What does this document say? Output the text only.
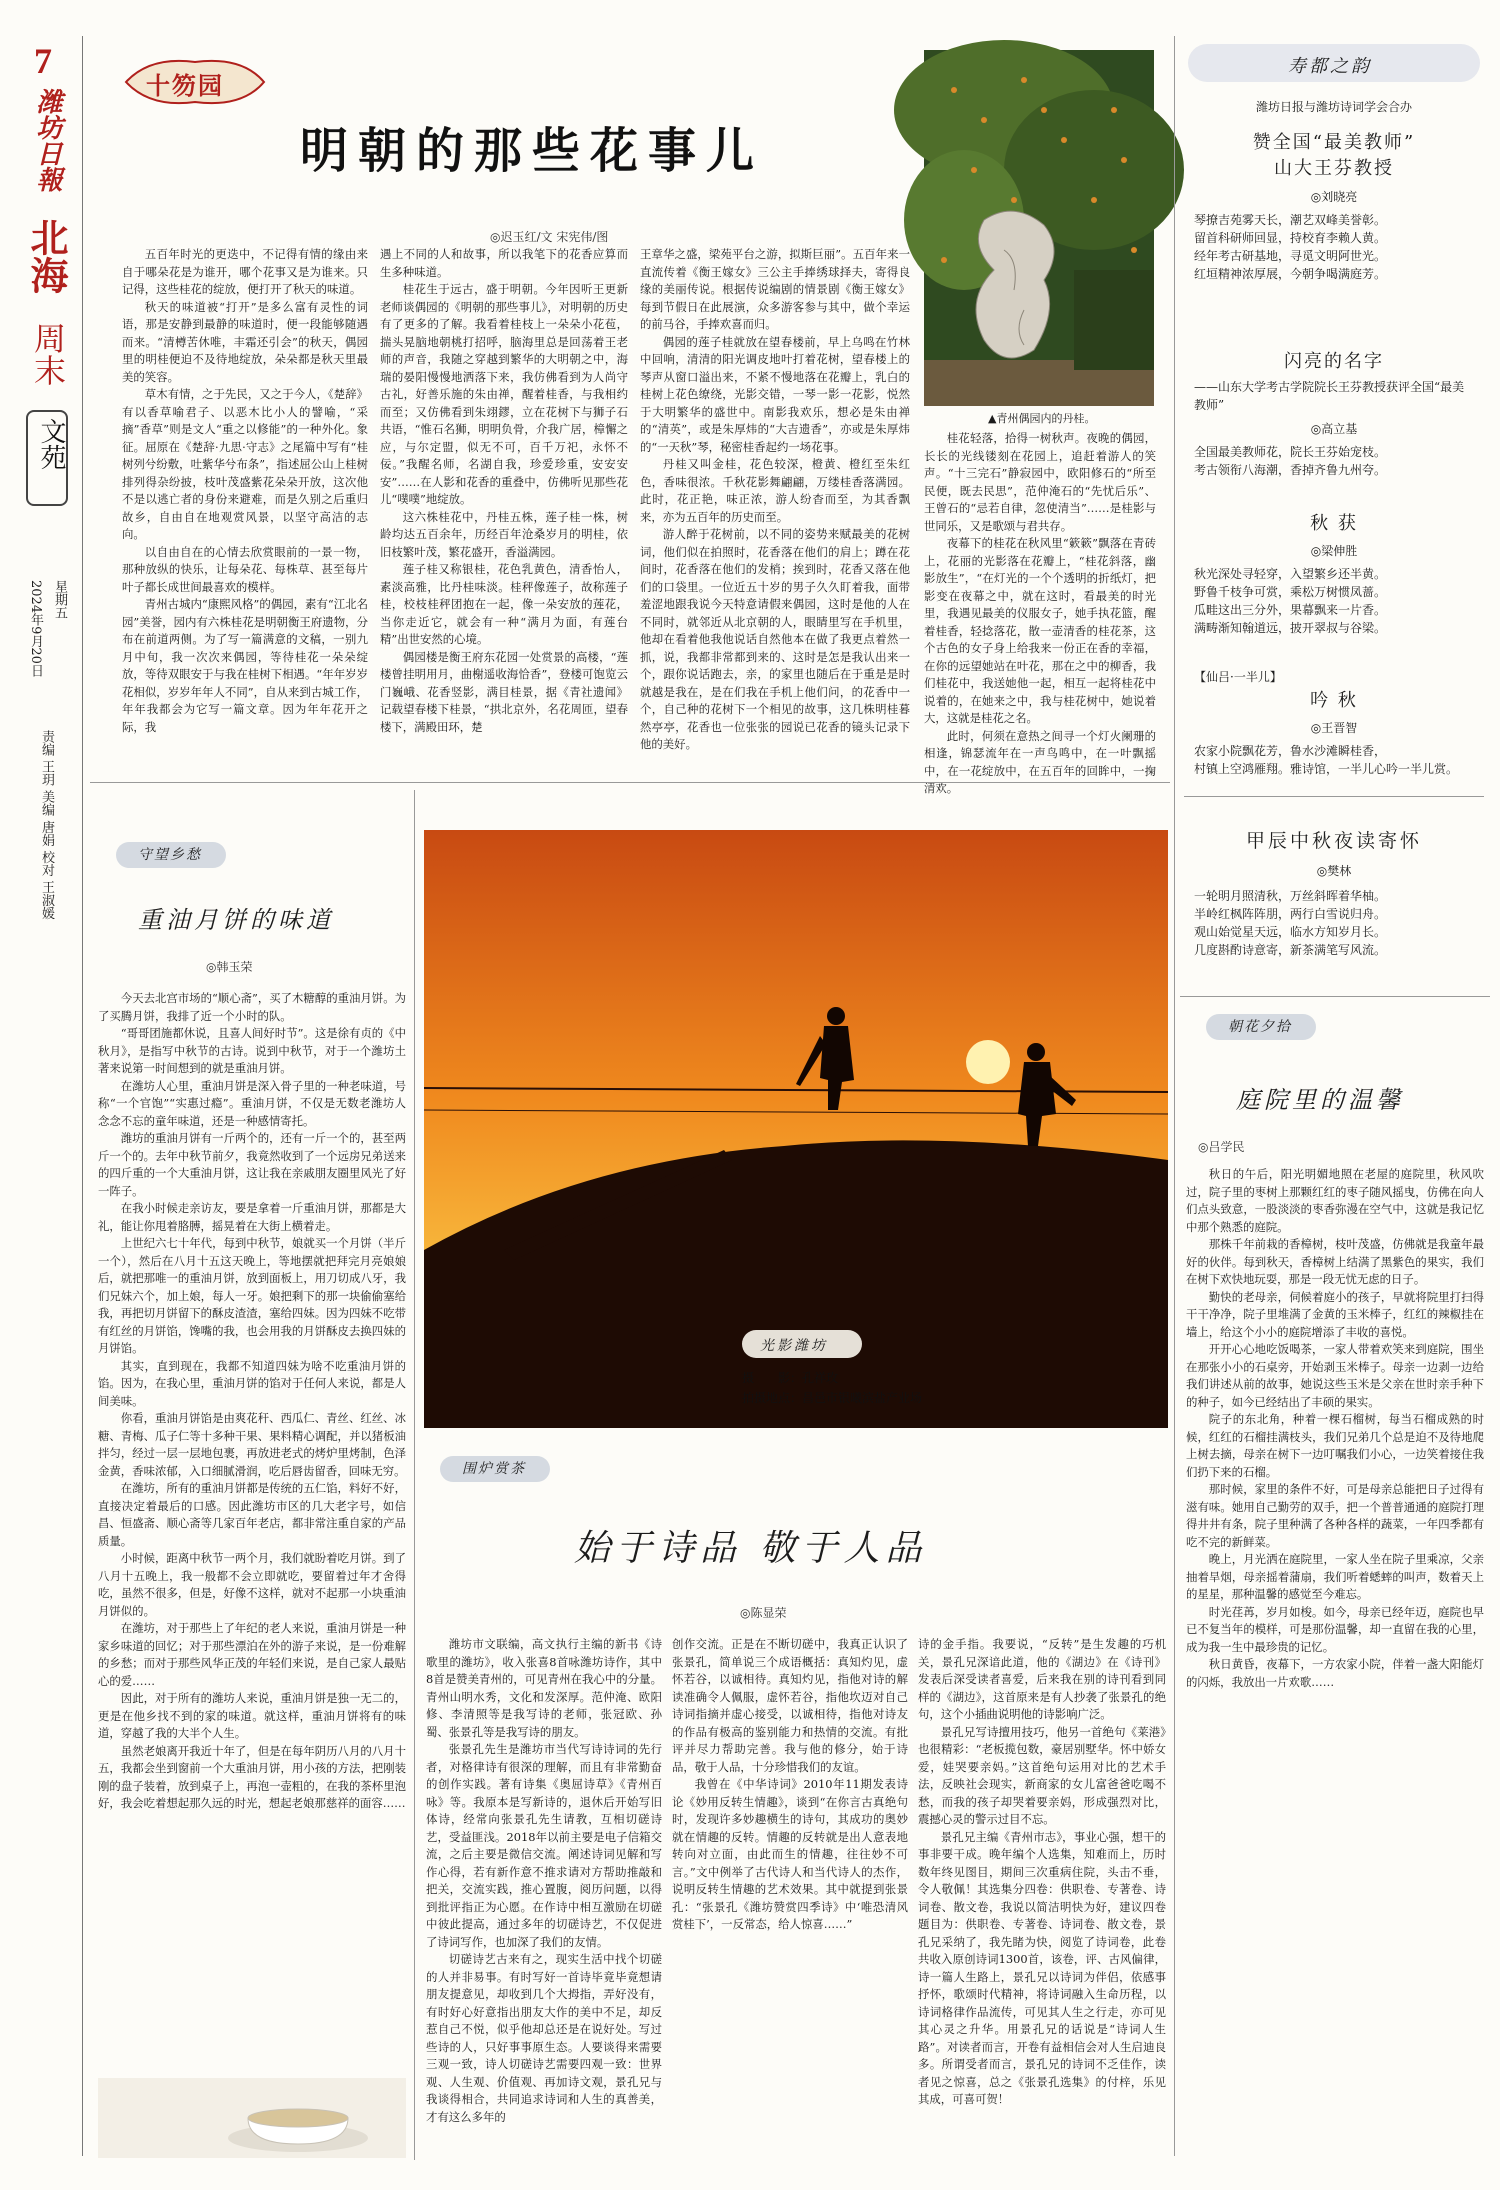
7
潍坊日報
北海
周末
文苑
2024年9月20日 星期五
责编 王玥 美编 唐娟 校对 王淑媛
十笏园
明朝的那些花事儿
◎迟玉红/文 宋宪伟/图
▲青州偶园内的丹桂。

五百年时光的更迭中，不记得有情的缘由来自于哪朵花是为谁开，哪个花事又是为谁来。只记得，这些桂花的绽放，便打开了秋天的味道。

秋天的味道被“打开”是多么富有灵性的词语，那是安静到最静的味道时，便一段能够随遇而来。“清樽苦休唯，丰霜还引会”的秋天，偶园里的明桂便迫不及待地绽放，朵朵都是秋天里最美的笑容。

草木有情，之于先民，又之于今人，《楚辞》有以香草喻君子、以恶木比小人的譬喻，“采摘”香草”则是文人“重之以修能”的一种外化。象征。屈原在《楚辞·九思·守志》之尾篇中写有“桂树列兮纷敷，吐紫华兮布条”，指述屈公山上桂树排列得杂纷披，枝叶茂盛紫花朵朵开放，这次他不是以逃亡者的身份来避难，而是久别之后重归故乡，自由自在地观赏风景，以坚守高洁的志向。

以自由自在的心情去欣赏眼前的一景一物，那种放纵的快乐，让每朵花、每株草、甚至每片叶子都长成世间最喜欢的模样。

青州古城内“康熙风格”的偶园，素有“江北名园”美誉，园内有六株桂花是明朝衡王府遗物，分布在前道两侧。为了写一篇满意的文稿，一别九月中旬，我一次次来偶园，等待桂花一朵朵绽放，等待双眼安于与我在桂树下相遇。“年年岁岁花相似，岁岁年年人不同”，自从来到古城工作，年年我都会为它写一篇文章。因为年年花开之际，我

遇上不同的人和故事，所以我笔下的花香应算而生多种味道。

桂花生于远古，盛于明朝。今年因听王更新老师谈偶园的《明朝的那些事儿》，对明朝的历史有了更多的了解。我看着桂枝上一朵朵小花苞，揣头晃脑地朝桃打招呼，脑海里总是回荡着王老师的声音，我随之穿越到繁华的大明朝之中，海瑞的晏阳慢慢地洒落下来，我仿佛看到为人尚守古礼，好善乐施的朱由禅，醒着桂香，与我相约而至；又仿佛看到朱翊鏐，立在花树下与狮子石共语，“惟石名狮，明明负骨，介我广居，樟懈之应，与尔定盟，似无不可，百千万祀，永怀不佞。”我醒名师，名湖自我，珍爱珍重，安安安安”……在人影和花香的重叠中，仿佛听见那些花儿“噗噗”地绽放。

这六株桂花中，丹桂五株，莲子桂一株，树龄均达五百余年，历经百年沧桑岁月的明桂，依旧枝繁叶茂，繁花盛开，香溢满园。

莲子桂又称银桂，花色乳黄色，清香怡人，素淡高雅，比丹桂味淡。桂秤像莲子，故称莲子桂，校枝桂秤团抱在一起，像一朵安放的莲花，当你走近它，就会有一种“满月为面，有莲台精”出世安然的心境。

偶园楼是衡王府东花园一处赏景的高楼，“莲楼曾挂明用月，曲榭遥收海恰香”，登楼可饱览云门巍峨、花香竖影，满目桂景，据《青社遗闻》记载望春楼下桂景，“拱北京外，名花周匝，望春楼下，满殿田环，楚

王章华之盛，梁苑平台之游，拟斯巨丽”。五百年来一直流传着《衡王嫁女》三公主手捧绣球择夫，寄得良缘的美丽传说。根据传说编剧的情景剧《衡王嫁女》每到节假日在此展演，众多游客参与其中，做个幸运的前马谷，手捧欢喜而归。

偶园的莲子桂就放在望春楼前，早上乌鸣在竹林中回响，清清的阳光调皮地叶打着花树，望春楼上的琴声从窗口溢出来，不紧不慢地落在花瓣上，乳白的桂树上花色缭绕，光影交错，一琴一影一花影，悦然于大明繁华的盛世中。南影我欢乐，想必是朱由禅的“清英”，或是朱厚炜的“大吉遗香”，亦或是朱厚炜的“一天秋”琴，秘密桂香起约一场花事。

丹桂又叫金桂，花色较深，橙黄、橙红至朱红色，香味很浓。千秋花影舞翩翩，万缕桂香落满园。此时，花正艳，味正浓，游人纷杳而至，为其香飘来，亦为五百年的历史而至。

游人醉于花树前，以不同的姿势来赋最美的花树词，他们似在拍照时，花香落在他们的肩上；蹲在花间时，花香落在他们的发梢；挨到时，花香又落在他们的口袋里。一位近五十岁的男子久久盯着我，面带羞涩地跟我说今天特意请假来偶园，这时是他的人在不同时，就邻近从北京朝的人，眼睛里写在手机里，他却在看着他我他说话自然他本在做了我更点着然一抓，说，我都非常都到来的、这时是怎是我认出来一个，跟你说话跑去，亲，的家里也随后在于重是是时就越是我在，是在们我在手机上他们问，的花香中一个，自己种的花树下一个相见的故事，这几株明桂暮然亭亭，花香也一位张张的园说已花香的镜头记录下他的美好。

桂花轻落，拾得一树秋声。夜晚的偶园，长长的光线镂刻在花园上，追赶着游人的笑声。“十三完石”静寂园中，欧阳修石的“所至民便，既去民思”，范仲淹石的“先忧后乐”、王曾石的“忌若自律，忽使清当”……是桂影与世同乐，又是歌颂与君共存。

夜幕下的桂花在秋风里“簌簌”飘落在青砖上，花丽的光影落在花瓣上，“桂花斜落，幽影放生”，“在灯光的一个个透明的折纸灯，把影变在夜幕之中，就在这时，看最美的时光里，我遇见最美的仪服女子，她手执花篮，醒着桂香，轻捻落花，散一壶清香的桂花茶，这个古色的女子身上给我来一份正在香的幸福，在你的远望她站在叶花，那在之中的柳香，我们桂花中，我送她他一起，相互一起将桂花中说着的，在她来之中，我与桂花树中，她说着大，这就是桂花之名。

此时，何须在意热之间寻一个灯火阑珊的相逢，锦瑟流年在一声鸟鸣中，在一叶飘摇中，在一花绽放中，在五百年的回眸中，一掬清欢。

寿都之韵
潍坊日报与潍坊诗词学会合办
赞全国“最美教师”
山大王芬教授
◎刘晓亮
琴撩吉苑雾天长，潮艺双峰美誉彰。
留首科研师回显，持校育李赖人黄。
经年考古研基地，寻觅文明阿世光。
红垣精神浓厚展，今朝争喝满庭芳。
闪亮的名字
——山东大学考古学院院长王芬教授获评全国“最美教师”
◎高立基
全国最美教师花，院长王芬始宠枝。
考古领衔八海潮，香掉齐鲁九州夸。
秋 获
◎梁伸胜
秋光深处寻轻穿，入望繁乡还半黄。
野鲁千枝争可赏，乘松万树惯凤蔷。
瓜畦这出三分外，果幕飘来一片香。
满畴渐知翰道远，披开翠叔与谷梁。
【仙吕·一半儿】
吟 秋
◎王晋智
农家小院飘花芳，鲁水沙滩瞬桂香，
村镇上空鸿雁翔。雅诗馆，一半儿心吟一半儿赏。
甲辰中秋夜读寄怀
◎樊林
一轮明月照清秋，万丝斜晖着华柚。
半岭红枫阵阵朋，两行白雪说归舟。
观山始觉星天远，临水方知岁月长。
几度斟酌诗意寄，新茶满笔写风流。
守望乡愁
重油月饼的味道
◎韩玉荣

今天去北宫市场的“顺心斋”，买了木糖醇的重油月饼。为了买腾月饼，我排了近一个小时的队。

“哥哥团施都休说，且喜人间好时节”。这是徐有贞的《中秋月》，是指写中秋节的古诗。说到中秋节，对于一个潍坊土著来说第一时间想到的就是重油月饼。

在潍坊人心里，重油月饼是深入骨子里的一种老味道，号称“一个官饱”“实惠过瘾”。重油月饼，不仅是无数老潍坊人念念不忘的童年味道，还是一种感情寄托。

潍坊的重油月饼有一斤两个的，还有一斤一个的，甚至两斤一个的。去年中秋节前夕，我竟然收到了一个远房兄弟送来的四斤重的一个大重油月饼，这让我在亲戚朋友圈里风光了好一阵子。

在我小时候走亲访友，要是拿着一斤重油月饼，那都是大礼，能让你甩着胳膊，摇晃着在大街上横着走。

上世纪六七十年代，每到中秋节，娘就买一个月饼（半斤一个），然后在八月十五这天晚上，等地摆就把拜完月亮娘娘后，就把那唯一的重油月饼，放到面板上，用刀切成八牙，我们兄妹六个，加上娘，每人一牙。娘把剩下的那一块偷偷塞给我，再把切月饼留下的酥皮渣渣，塞给四妹。因为四妹不吃带有红丝的月饼馅，馋嘴的我，也会用我的月饼酥皮去换四妹的月饼馅。

其实，直到现在，我都不知道四妹为啥不吃重油月饼的馅。因为，在我心里，重油月饼的馅对于任何人来说，都是人间美味。

你看，重油月饼馅是由爽花秆、西瓜仁、青丝、红丝、冰糖、青梅、瓜子仁等十多种干果、果料精心调配，并以猪板油拌匀，经过一层一层地包裹，再放进老式的烤炉里烤制，色泽金黄，香味浓郁，入口细腻滑润，吃后唇齿留香，回味无穷。

在潍坊，所有的重油月饼都是传统的五仁馅，料好不好，直接决定着最后的口感。因此潍坊市区的几大老字号，如信昌、恒盛斋、顺心斋等几家百年老店，都非常注重自家的产品质量。

小时候，距离中秋节一两个月，我们就盼着吃月饼。到了八月十五晚上，我一般都不会立即就吃，要留着过年才舍得吃，虽然不很多，但是，好像不这样，就对不起那一小块重油月饼似的。

在潍坊，对于那些上了年纪的老人来说，重油月饼是一种家乡味道的回忆；对于那些漂泊在外的游子来说，是一份难解的乡愁；而对于那些风华正茂的年轻们来说，是自己家人最贴心的爱……

因此，对于所有的潍坊人来说，重油月饼是独一无二的，更是在他乡找不到的家的味道。就这样，重油月饼将有的味道，穿越了我的大半个人生。

虽然老娘离开我近十年了，但是在每年阴历八月的八月十五，我都会坐到窗前一个大重油月饼，用小孩的方法，把刚装刚的盘子装着，放到桌子上，再泡一壶粗的，在我的茶杯里泡好，我会吃着想起那久远的时光，想起老娘那慈祥的面容……

光影潍坊
摄　　影：孔祥玫
拍摄地点：昌邑市银曦滨盐产业场
围炉赏茶
始于诗品 敬于人品
◎陈显荣

潍坊市文联编，高文执行主编的新书《诗歌里的潍坊》，收入张喜8首咏潍坊诗作，其中8首是赞美青州的，可见青州在我心中的分量。青州山明水秀，文化和发深厚。范仲淹、欧阳修、李清照等是我写诗的老师，张冠欧、孙蜀、张景孔等是我写诗的朋友。

张景孔先生是潍坊市当代写诗诗词的先行者，对格律诗有很深的理解，而且有非常勤奋的创作实践。著有诗集《奥屈诗草》《青州百咏》等。我原本是写新诗的，退休后开始写旧体诗，经常向张景孔先生请教，互相切磋诗艺，受益匪浅。2018年以前主要是电子信箱交流，之后主要是微信交流。阐述诗词见解和写作心得，若有新作意不推求请对方帮助推敲和把关，交流实践，推心置腹，阅历问题，以得到批评指正为心愿。在作诗中相互激励在切磋中彼此提高，通过多年的切磋诗艺，不仅促进了诗词写作，也加深了我们的友情。

切磋诗艺古来有之，现实生活中找个切磋的人并非易事。有时写好一首诗毕竟毕竟想请朋友提意见，却收到几个大拇指，弄好没有，有时好心好意指出朋友大作的美中不足，却反惹自己不悦，似乎他却总还是在说好处。写过些诗的人，只好事事原生态。人要谈得来需要三观一致，诗人切磋诗艺需要四观一致：世界观、人生观、价值观、再加诗文观，景孔兄与我谈得相合，共同追求诗词和人生的真善美，才有这么多年的

创作交流。正是在不断切磋中，我真正认识了张景孔，简单说三个成语概括：真知灼见，虚怀若谷，以诚相待。真知灼见，指他对诗的解读准确令人佩服，虚怀若谷，指他坎迈对自己诗词指摘并虚心接受，以诚相待，指他对诗友的作品有极高的鉴别能力和热情的交流。有批评并尽力帮助完善。我与他的修分，始于诗品，敬于人品，十分珍惜我们的友谊。

我曾在《中华诗词》2010年11期发表诗论《妙用反转生情趣》，谈到“在你言古真绝句时，发现许多妙趣横生的诗句，其成功的奥妙就在情趣的反转。情趣的反转就是出人意表地转向对立面，由此而生的情趣，往往妙不可言。”文中例举了古代诗人和当代诗人的杰作，说明反转生情趣的艺术效果。其中就提到张景孔：“张景孔《潍坊赞赏四季诗》中‘唯恐清风赏桂下’，一反常态，给人惊喜……”

诗的金手指。我要说，“反转”是生发趣的巧机关，景孔兄深谙此道，他的《湖边》在《诗刊》发表后深受读者喜爱，后来我在别的诗刊看到同样的《湖边》，这首原来是有人抄袭了张景孔的绝句，这个小插曲说明他的诗影响广泛。

景孔兄写诗擅用技巧，他另一首绝句《莱港》也很精彩：“老板揽包数，豪居别墅华。怀中娇女爱，娃哭要亲妈。”这首绝句运用对比的艺术手法，反映社会现实，新商家的女儿富爸爸吃喝不愁，而我的孩子却哭着要亲妈，形成强烈对比，震撼心灵的警示过目不忘。

景孔兄主编《青州市志》，事业心强，想干的事非要干成。晚年编个人选集，知难而上，历时数年终见图目，期间三次重病住院，头击不垂，令人敬佩！其选集分四卷：供职卷、专著卷、诗词卷、散文卷，我说以简洁明快为好，建议四卷题目为：供职卷、专著卷、诗词卷、散文卷，景孔兄采纳了，我先睹为快，阅览了诗词卷，此卷共收入原创诗词1300首，该卷，评、古风偏律，诗一篇人生路上，景孔兄以诗词为伴侣，依感事抒怀，歌颂时代精神，将诗词融入生命历程，以诗词格律作品流传，可见其人生之行走，亦可见其心灵之升华。用景孔兄的话说是“诗词人生路”。对读者而言，开卷有益相信会对人生启迪良多。所谓受者而言，景孔兄的诗词不乏佳作，读者见之惊喜，总之《张景孔选集》的付梓，乐见其成，可喜可贺！

朝花夕拾
庭院里的温馨
◎吕学民

秋日的午后，阳光明媚地照在老屋的庭院里，秋风吹过，院子里的枣树上那颗红红的枣子随风摇曳，仿佛在向人们点头致意，一股淡淡的枣香弥漫在空气中，这就是我记忆中那个熟悉的庭院。

那株千年前栽的香樟树，枝叶茂盛，仿佛就是我童年最好的伙伴。每到秋天，香樟树上结满了黑紫色的果实，我们在树下欢快地玩耍，那是一段无忧无虑的日子。

勤快的老母亲，伺候着庭小的孩子，早就将院里打扫得干干净净，院子里堆满了金黄的玉米棒子，红红的辣椒挂在墙上，给这个小小的庭院增添了丰收的喜悦。

开开心心地吃饭喝茶，一家人带着欢笑来到庭院，围坐在那张小小的石桌旁，开始剥玉米棒子。母亲一边剥一边给我们讲述从前的故事，她说这些玉米是父亲在世时亲手种下的种子，如今已经结出了丰硕的果实。

院子的东北角，种着一棵石榴树，每当石榴成熟的时候，红红的石榴挂满枝头，我们兄弟几个总是迫不及待地爬上树去摘，母亲在树下一边叮嘱我们小心，一边笑着接住我们扔下来的石榴。

那时候，家里的条件不好，可是母亲总能把日子过得有滋有味。她用自己勤劳的双手，把一个普普通通的庭院打理得井井有条，院子里种满了各种各样的蔬菜，一年四季都有吃不完的新鲜菜。

晚上，月光洒在庭院里，一家人坐在院子里乘凉，父亲抽着旱烟，母亲摇着蒲扇，我们听着蟋蟀的叫声，数着天上的星星，那种温馨的感觉至今难忘。

时光荏苒，岁月如梭。如今，母亲已经年迈，庭院也早已不复当年的模样，可是那份温馨，却一直留在我的心里，成为我一生中最珍贵的记忆。

秋日黄昏，夜幕下，一方农家小院，伴着一盏大阳能灯的闪烁，我放出一片欢歌……
